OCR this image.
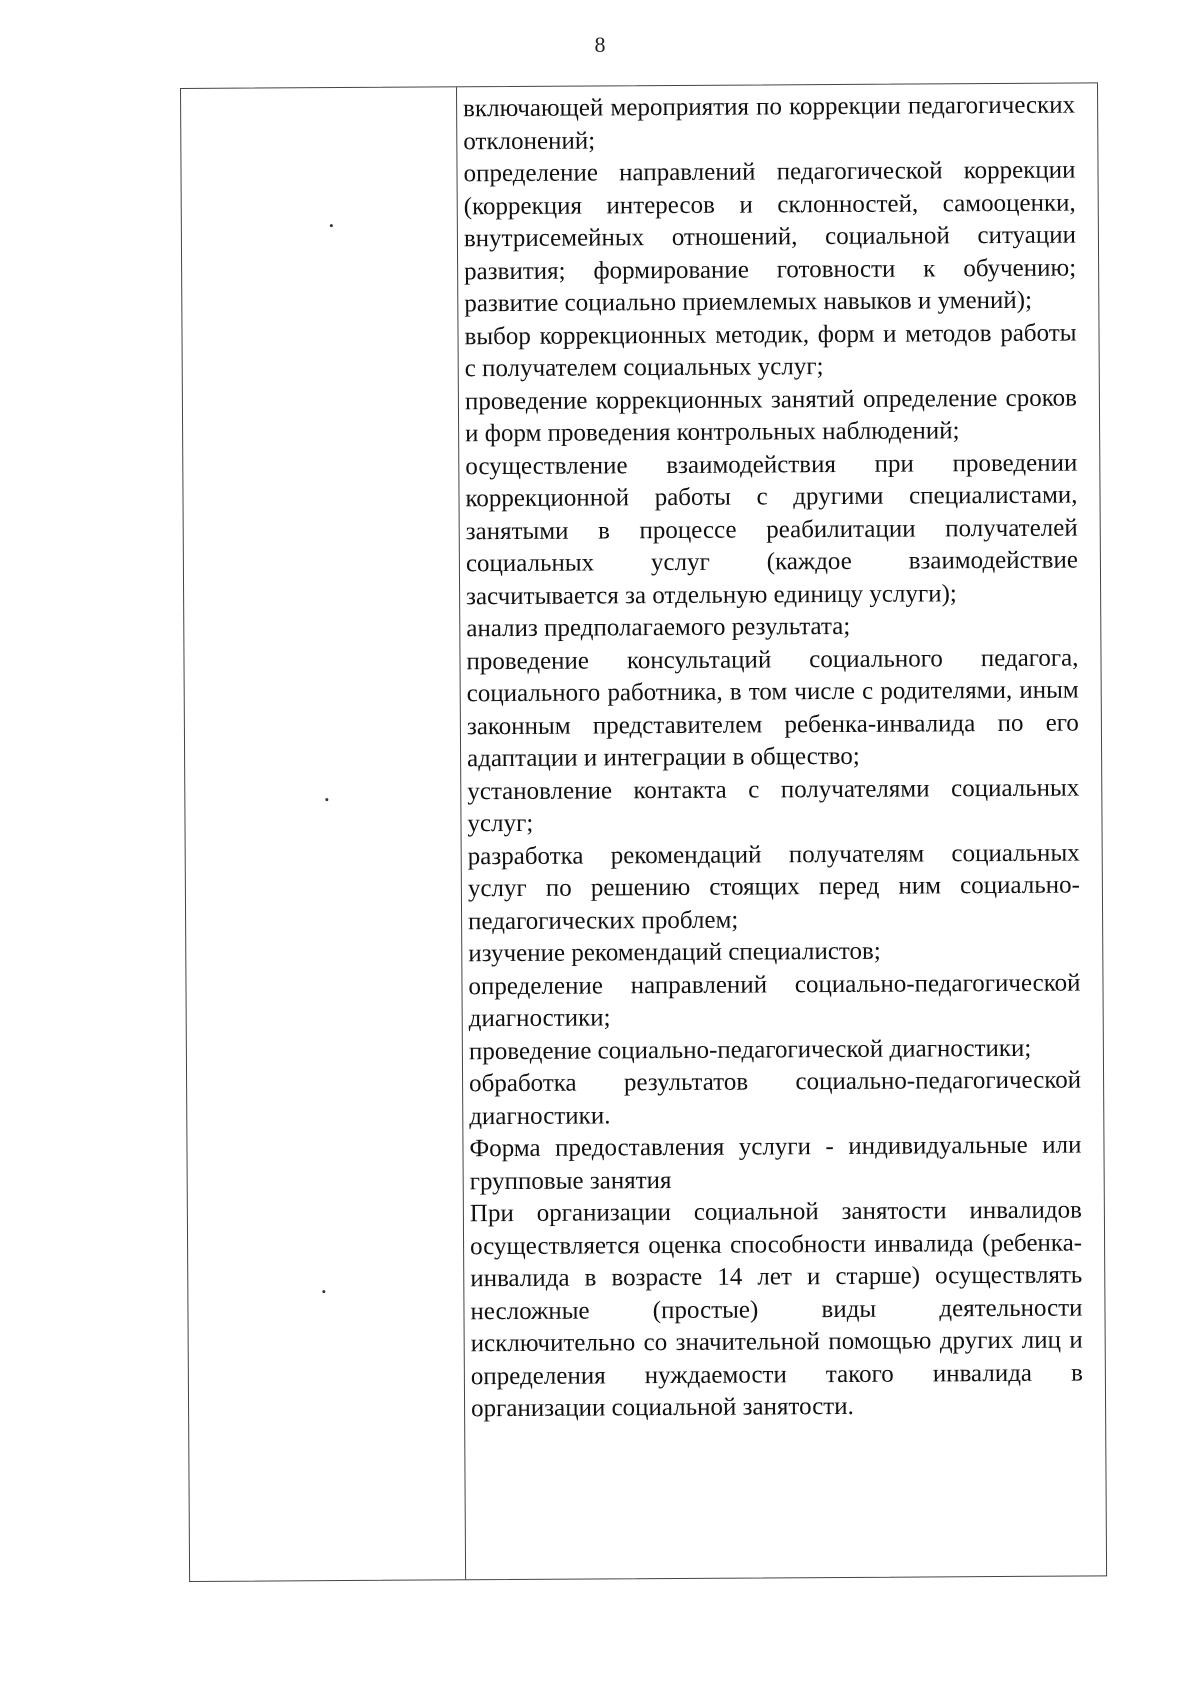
8

включающей мероприятия по коррекции педагогических отклонений;

определение направлений педагогической коррекции (коррекция интересов и склонностей, самооценки, внутрисемейных отношений, социальной ситуации развития; формирование готовности к обучению; развитие социально приемлемых навыков и умений);

выбор коррекционных методик, форм и методов работы с получателем социальных услуг;

проведение коррекционных занятий определение сроков и форм проведения контрольных наблюдений;

осуществление взаимодействия при проведении коррекционной работы с другими специалистами, занятыми в процессе реабилитации получателей социальных услуг (каждое взаимодействие засчитывается за отдельную единицу услуги);

анализ предполагаемого результата;

проведение консультаций социального педагога, социального работника, в том числе с родителями, иным законным представителем ребенка-инвалида по его адаптации и интеграции в общество;

установление контакта с получателями социальных услуг;

разработка рекомендаций получателям социальных услуг по решению стоящих перед ним социально-педагогических проблем;

изучение рекомендаций специалистов;

определение направлений социально-педагогической диагностики;

проведение социально-педагогической диагностики;

обработка результатов социально-педагогической диагностики.

Форма предоставления услуги - индивидуальные или групповые занятия

При организации социальной занятости инвалидов осуществляется оценка способности инвалида (ребенка-инвалида в возрасте 14 лет и старше) осуществлять несложные (простые) виды деятельности исключительно со значительной помощью других лиц и определения нуждаемости такого инвалида в организации социальной занятости.
